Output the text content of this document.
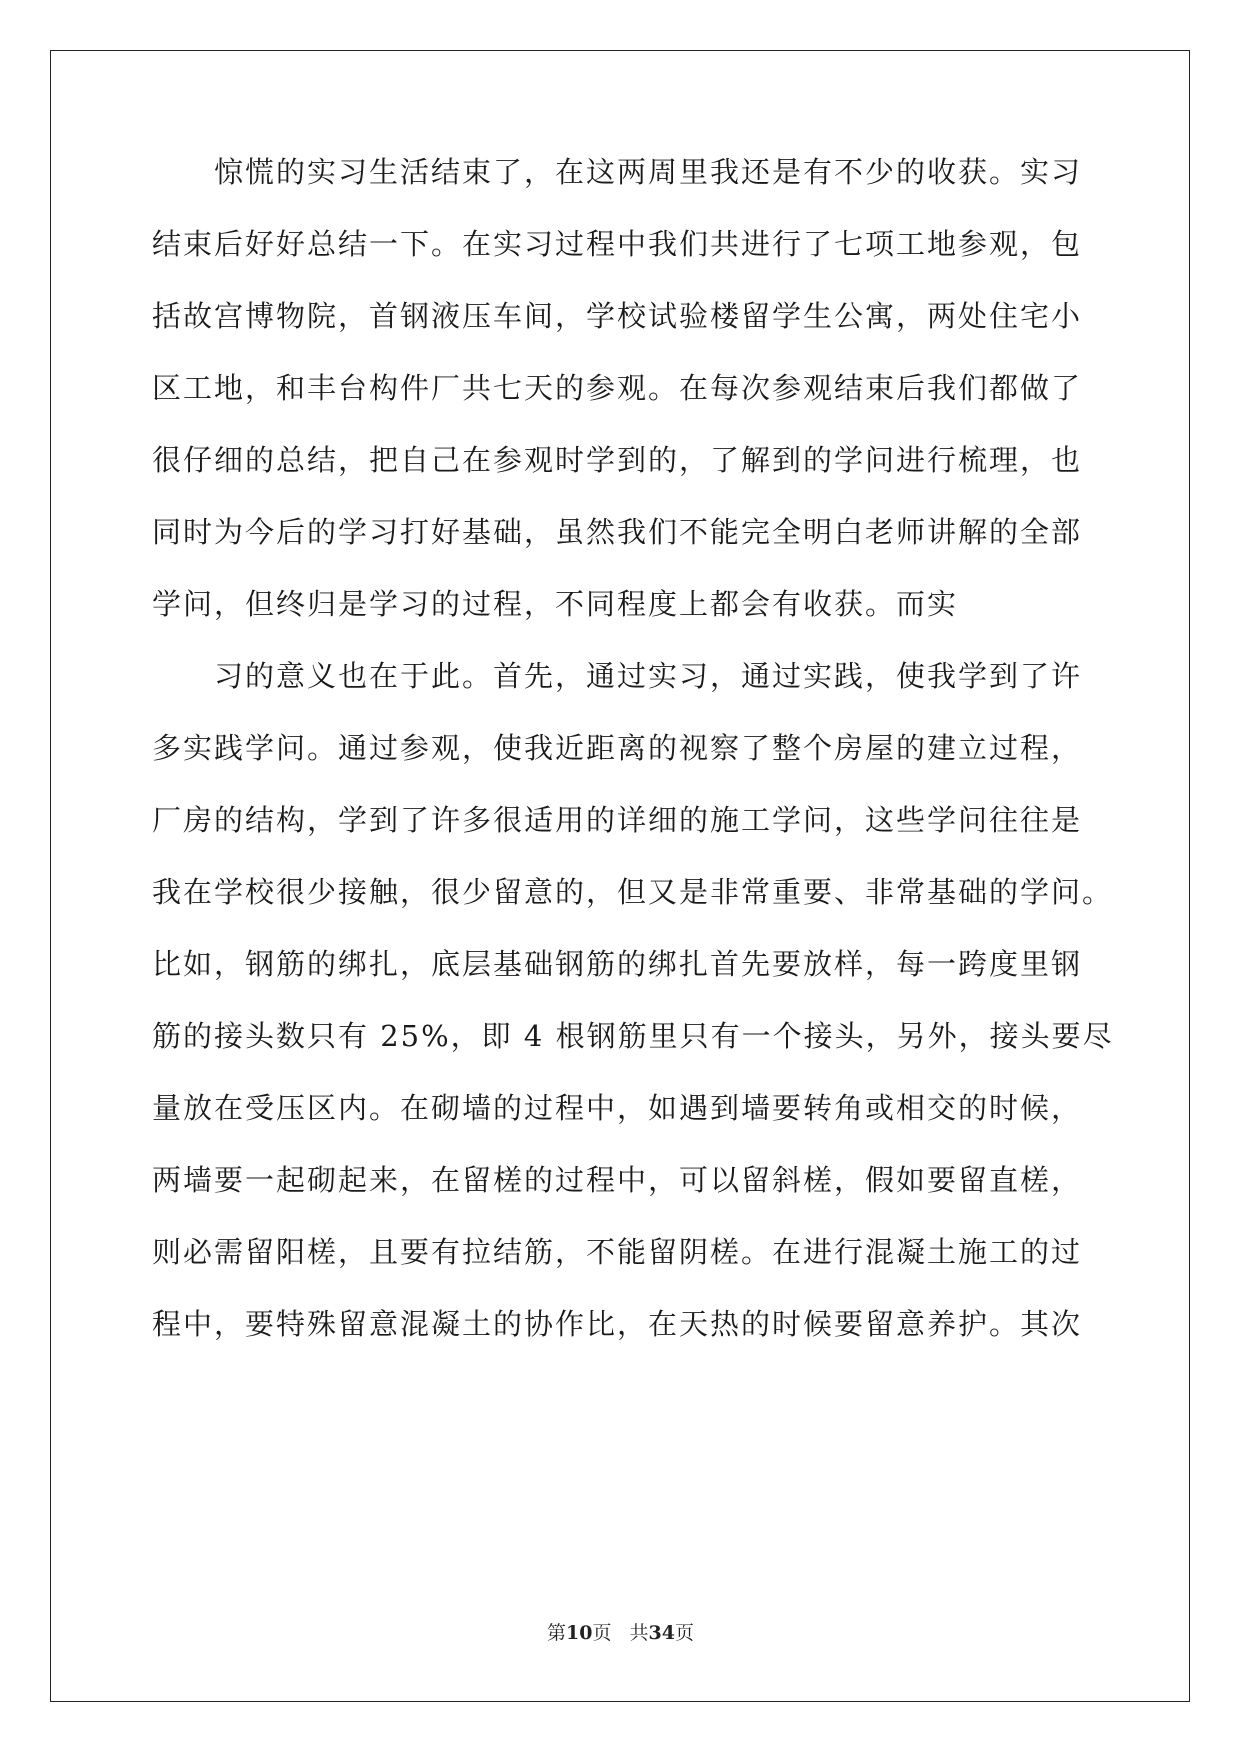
惊慌的实习生活结束了，在这两周里我还是有不少的收获。实习
结束后好好总结一下。在实习过程中我们共进行了七项工地参观，包
括故宫博物院，首钢液压车间，学校试验楼留学生公寓，两处住宅小
区工地，和丰台构件厂共七天的参观。在每次参观结束后我们都做了
很仔细的总结，把自己在参观时学到的，了解到的学问进行梳理，也
同时为今后的学习打好基础，虽然我们不能完全明白老师讲解的全部
学问，但终归是学习的过程，不同程度上都会有收获。而实
习的意义也在于此。首先，通过实习，通过实践，使我学到了许
多实践学问。通过参观，使我近距离的视察了整个房屋的建立过程，
厂房的结构，学到了许多很适用的详细的施工学问，这些学问往往是
我在学校很少接触，很少留意的，但又是非常重要、非常基础的学问。
比如，钢筋的绑扎，底层基础钢筋的绑扎首先要放样，每一跨度里钢
筋的接头数只有 25%，即 4 根钢筋里只有一个接头，另外，接头要尽
量放在受压区内。在砌墙的过程中，如遇到墙要转角或相交的时候，
两墙要一起砌起来，在留槎的过程中，可以留斜槎，假如要留直槎，
则必需留阳槎，且要有拉结筋，不能留阴槎。在进行混凝土施工的过
程中，要特殊留意混凝土的协作比，在天热的时候要留意养护。其次
第10页 共34页
